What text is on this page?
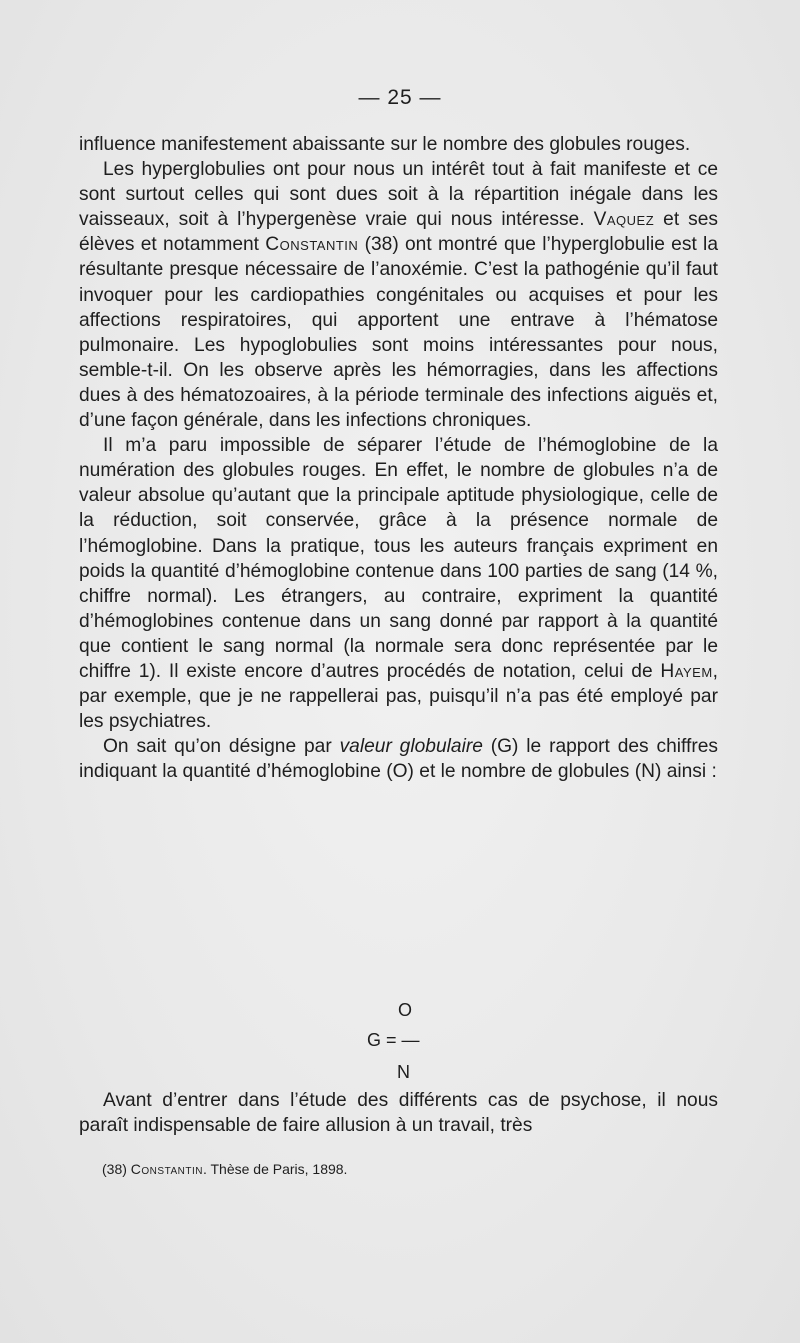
— 25 —

influence manifestement abaissante sur le nombre des globules rouges.

Les hyperglobulies ont pour nous un intérêt tout à fait manifeste et ce sont surtout celles qui sont dues soit à la répartition inégale dans les vaisseaux, soit à l’hypergenèse vraie qui nous intéresse. Vaquez et ses élèves et notamment Constantin (38) ont montré que l’hyperglobulie est la résultante presque nécessaire de l’anoxémie. C’est la pathogénie qu’il faut invoquer pour les cardiopathies congénitales ou acquises et pour les affections respiratoires, qui apportent une entrave à l’hématose pulmonaire. Les hypoglobulies sont moins intéressantes pour nous, semble-t-il. On les observe après les hémorragies, dans les affections dues à des hématozoaires, à la période terminale des infections aiguës et, d’une façon générale, dans les infections chroniques.

Il m’a paru impossible de séparer l’étude de l’hémoglobine de la numération des globules rouges. En effet, le nombre de globules n’a de valeur absolue qu’autant que la principale aptitude physiologique, celle de la réduction, soit conservée, grâce à la présence normale de l’hémoglobine. Dans la pratique, tous les auteurs français expriment en poids la quantité d’hémoglobine contenue dans 100 parties de sang (14 %, chiffre normal). Les étrangers, au contraire, expriment la quantité d’hémoglobines contenue dans un sang donné par rapport à la quantité que contient le sang normal (la normale sera donc représentée par le chiffre 1). Il existe encore d’autres procédés de notation, celui de Hayem, par exemple, que je ne rappellerai pas, puisqu’il n’a pas été employé par les psychiatres.

On sait qu’on désigne par valeur globulaire (G) le rapport des chiffres indiquant la quantité d’hémoglobine (O) et le nombre de globules (N) ainsi :

O
G = —
N

Avant d’entrer dans l’étude des différents cas de psychose, il nous paraît indispensable de faire allusion à un travail, très

(38) Constantin. Thèse de Paris, 1898.
